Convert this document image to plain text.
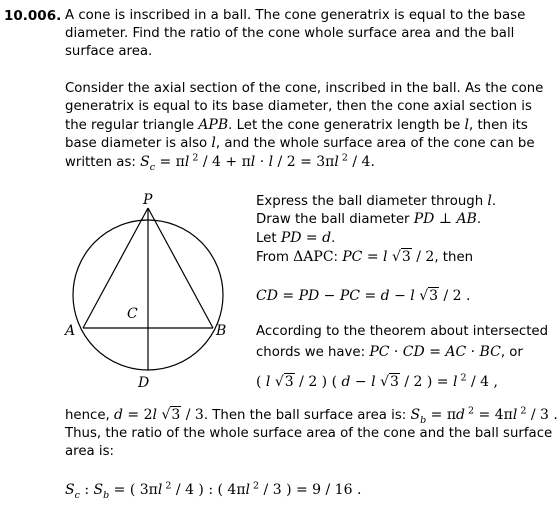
10.006. A cone is inscribed in a ball. The cone generatrix is equal to the base
diameter. Find the ratio of the cone whole surface area and the ball
surface area.
Consider the axial section of the cone, inscribed in the ball. As the cone
generatrix is equal to its base diameter, then the cone axial section is
the regular triangle APB. Let the cone generatrix length be l, then its
base diameter is also l, and the whole surface area of the cone can be
written as: $S_c = \pi l$ $^2$ / 4 + πl · l / 2 = 3πl $^2$ / 4.
P
A	B
C
D
Express the ball diameter through l.
Draw the ball diameter PD ⊥ AB.
Let PD = d.
From ΔAPC: PC = l √3 / 2, then
CD = PD − PC = d − l √3 / 2 .
According to the theorem about intersected
chords we have: PC · CD = AC · BC, or
( l √3 / 2 ) ( d − l √3 / 2 ) = l $^2$ / 4 ,
hence, d = 2l √3 / 3. Then the ball surface area is: $S_b = \pi d$ $^2$ = 4πl $^2$ / 3 .
Thus, the ratio of the whole surface area of the cone and the ball surface
area is:
$S_c$ : $S_b$ = ( 3πl $^2$ / 4 ) : ( 4πl $^2$ / 3 ) = 9 / 16 .
